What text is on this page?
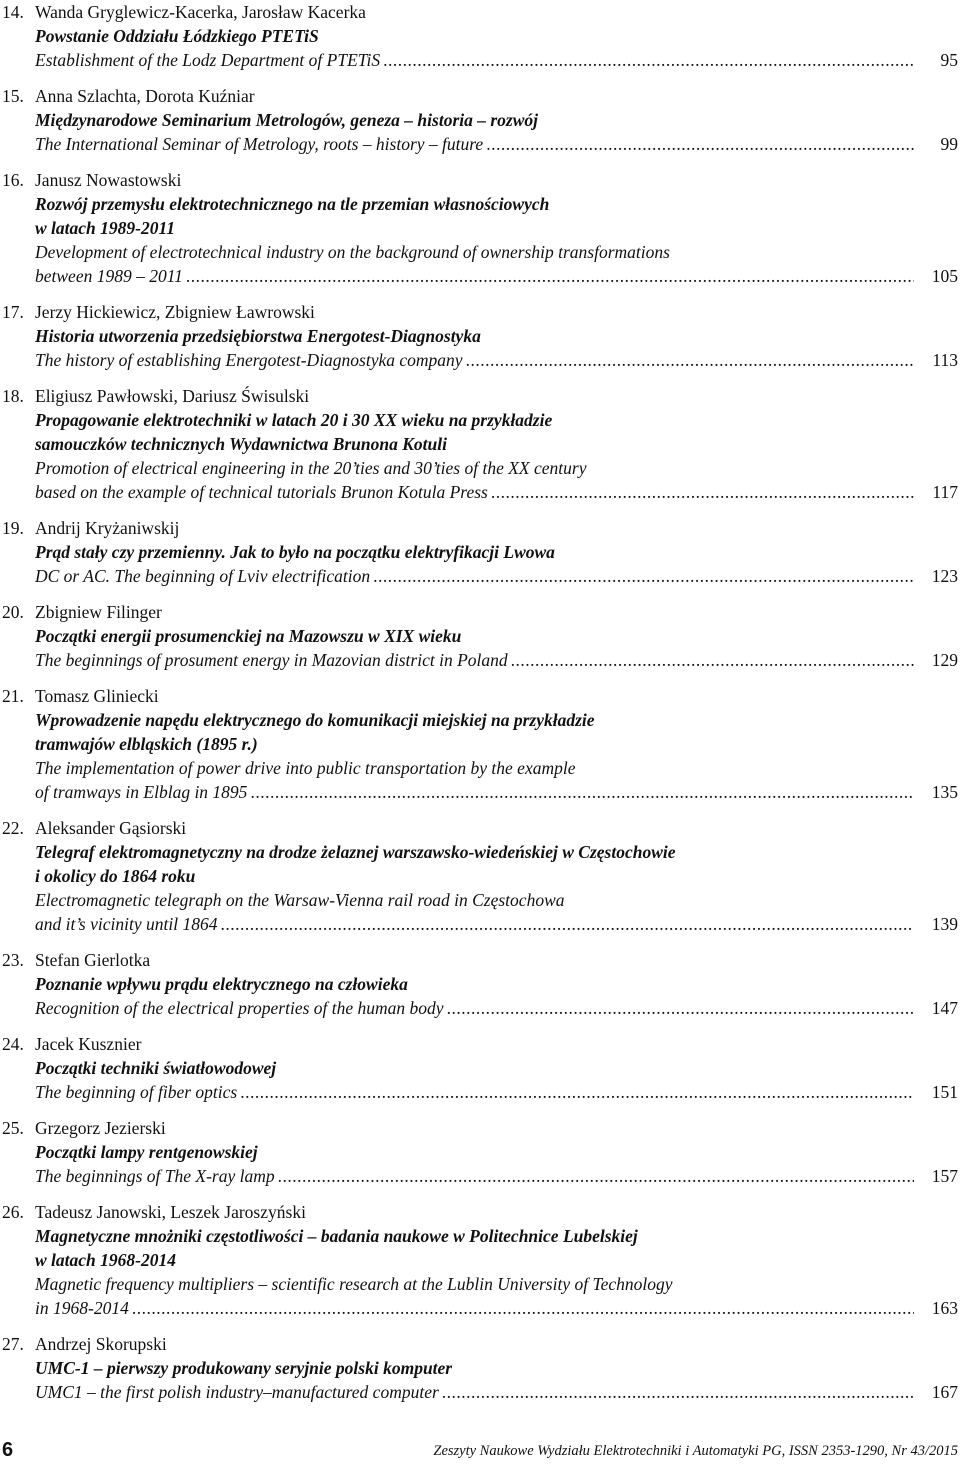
14. Wanda Gryglewicz-Kacerka, Jarosław Kacerka
Powstanie Oddziału Łódzkiego PTETiS
Establishment of the Lodz Department of PTETiS .....	95
15. Anna Szlachta, Dorota Kuźniar
Międzynarodowe Seminarium Metrologów, geneza – historia – rozwój
The International Seminar of Metrology, roots – history – future .....	99
16. Janusz Nowastowski
Rozwój przemysłu elektrotechnicznego na tle przemian własnościowych
w latach 1989-2011
Development of electrotechnical industry on the background of ownership transformations
between 1989 – 2011 .....	105
17. Jerzy Hickiewicz, Zbigniew Ławrowski
Historia utworzenia przedsiębiorstwa Energotest-Diagnostyka
The history of establishing Energotest-Diagnostyka company .....	113
18. Eligiusz Pawłowski, Dariusz Świsulski
Propagowanie elektrotechniki w latach 20 i 30 XX wieku na przykładzie
samouczków technicznych Wydawnictwa Brunona Kotuli
Promotion of electrical engineering in the 20’ties and 30’ties of the XX century
based on the example of technical tutorials Brunon Kotula Press .....	117
19. Andrij Kryżaniwskij
Prąd stały czy przemienny. Jak to było na początku elektryfikacji Lwowa
DC or AC. The beginning of Lviv electrification .....	123
20. Zbigniew Filinger
Początki energii prosumenckiej na Mazowszu w XIX wieku
The beginnings of prosument energy in Mazovian district in Poland .....	129
21. Tomasz Gliniecki
Wprowadzenie napędu elektrycznego do komunikacji miejskiej na przykładzie
tramwajów elbląskich (1895 r.)
The implementation of power drive into public transportation by the example
of tramways in Elblag in 1895 .....	135
22. Aleksander Gąsiorski
Telegraf elektromagnetyczny na drodze żelaznej warszawsko-wiedeńskiej w Częstochowie
i okolicy do 1864 roku
Electromagnetic telegraph on the Warsaw-Vienna rail road in Częstochowa
and it’s vicinity until 1864 .....	139
23. Stefan Gierlotka
Poznanie wpływu prądu elektrycznego na człowieka
Recognition of the electrical properties of the human body .....	147
24. Jacek Kusznier
Początki techniki światłowodowej
The beginning of fiber optics .....	151
25. Grzegorz Jezierski
Początki lampy rentgenowskiej
The beginnings of The X-ray lamp .....	157
26. Tadeusz Janowski, Leszek Jaroszyński
Magnetyczne mnożniki częstotliwości – badania naukowe w Politechnice Lubelskiej
w latach 1968-2014
Magnetic frequency multipliers – scientific research at the Lublin University of Technology
in 1968-2014 .....	163
27. Andrzej Skorupski
UMC-1 – pierwszy produkowany seryjnie polski komputer
UMC1 – the first polish industry–manufactured computer .....	167
6	Zeszyty Naukowe Wydziału Elektrotechniki i Automatyki PG, ISSN 2353-1290, Nr 43/2015
